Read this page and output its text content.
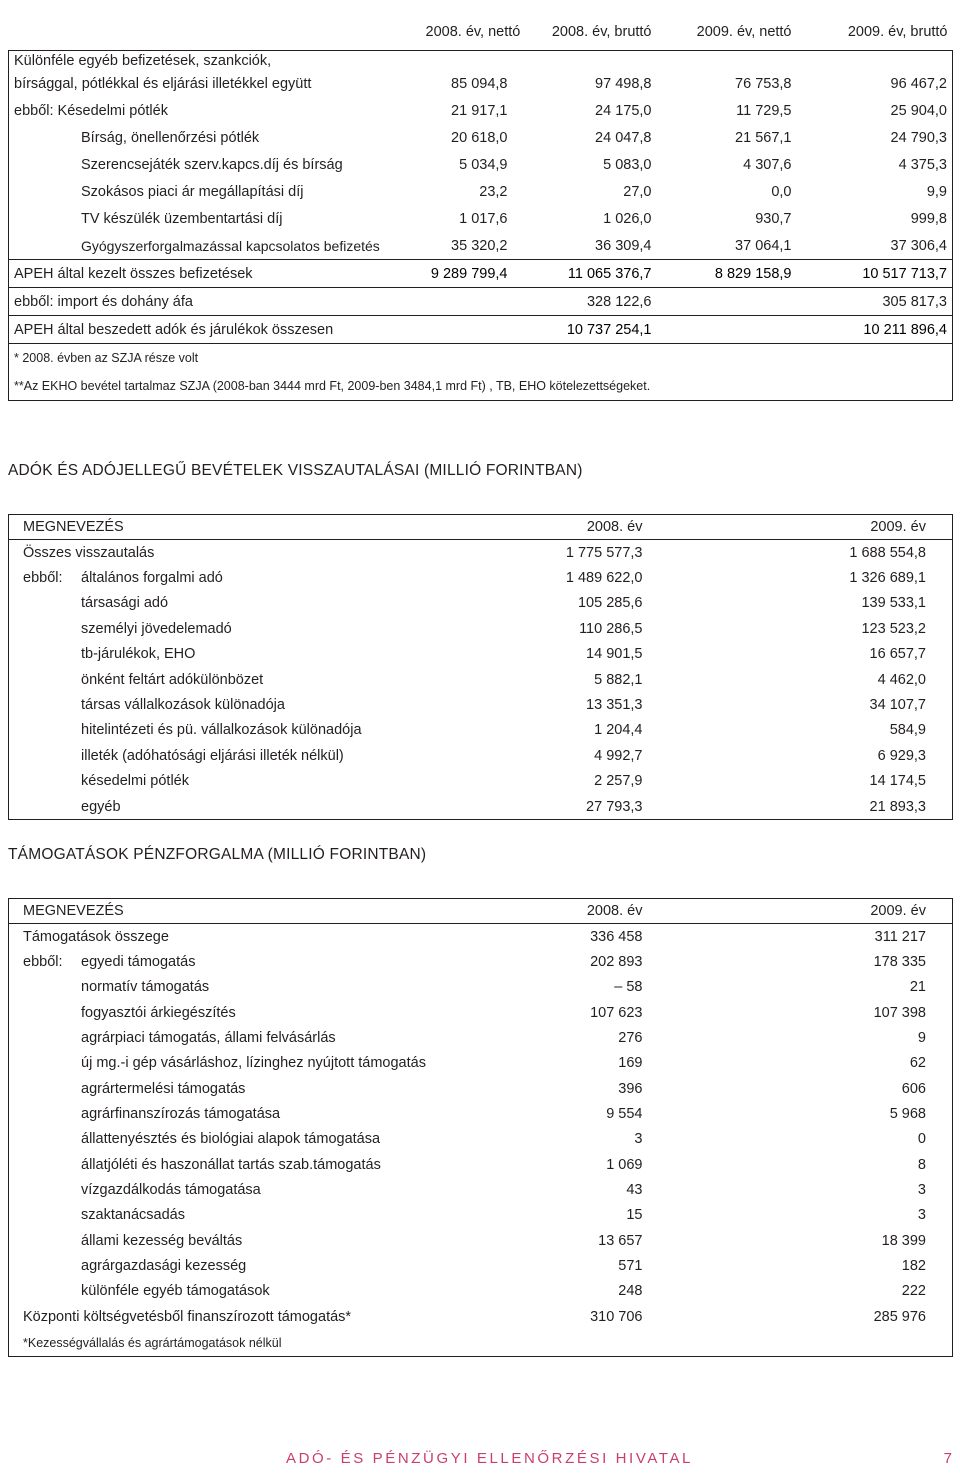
	2008. év, nettó	2008. év, bruttó	2009. év, nettó	2009. év, bruttó
Különféle egyéb befizetések, szankciók,				
bírsággal, pótlékkal és eljárási illetékkel együtt	85 094,8	97 498,8	76 753,8	96 467,2
ebből: Késedelmi pótlék	21 917,1	24 175,0	11 729,5	25 904,0
Bírság, önellenőrzési pótlék	20 618,0	24 047,8	21 567,1	24 790,3
Szerencsejáték szerv.kapcs.díj és bírság	5 034,9	5 083,0	4 307,6	4 375,3
Szokásos piaci ár megállapítási díj	23,2	27,0	0,0	9,9
TV készülék üzembentartási díj	1 017,6	1 026,0	930,7	999,8
Gyógyszerforgalmazással kapcsolatos befizetés	35 320,2	36 309,4	37 064,1	37 306,4
APEH által kezelt összes befizetések	9 289 799,4	11 065 376,7	8 829 158,9	10 517 713,7
ebből: import és dohány áfa		328 122,6		305 817,3
APEH által beszedett adók és járulékok összesen		10 737 254,1		10 211 896,4
* 2008. évben az SZJA része volt				
**Az EKHO bevétel tartalmaz SZJA (2008-ban 3444 mrd Ft, 2009-ben 3484,1 mrd Ft) , TB, EHO kötelezettségeket.				
ADÓK ÉS ADÓJELLEGŰ BEVÉTELEK VISSZAUTALÁSAI (MILLIÓ FORINTBAN)
MEGNEVEZÉS	2008. év	2009. év
Összes visszautalás	1 775 577,3	1 688 554,8
ebből: általános forgalmi adó	1 489 622,0	1 326 689,1
társasági adó	105 285,6	139 533,1
személyi jövedelemadó	110 286,5	123 523,2
tb-járulékok, EHO	14 901,5	16 657,7
önként feltárt adókülönbözet	5 882,1	4 462,0
társas vállalkozások különadója	13 351,3	34 107,7
hitelintézeti és pü. vállalkozások különadója	1 204,4	584,9
illeték (adóhatósági eljárási illeték nélkül)	4 992,7	6 929,3
késedelmi pótlék	2 257,9	14 174,5
egyéb	27 793,3	21 893,3
TÁMOGATÁSOK PÉNZFORGALMA (MILLIÓ FORINTBAN)
MEGNEVEZÉS	2008. év	2009. év
Támogatások összege	336 458	311 217
ebből: egyedi támogatás	202 893	178 335
normatív támogatás	– 58	21
fogyasztói árkiegészítés	107 623	107 398
agrárpiaci támogatás, állami felvásárlás	276	9
új mg.-i gép vásárláshoz, lízinghez nyújtott támogatás	169	62
agrártermelési támogatás	396	606
agrárfinanszírozás támogatása	9 554	5 968
állattenyésztés és biológiai alapok támogatása	3	0
állatjóléti és haszonállat tartás szab.támogatás	1 069	8
vízgazdálkodás támogatása	43	3
szaktanácsadás	15	3
állami kezesség beváltás	13 657	18 399
agrárgazdasági kezesség	571	182
különféle egyéb támogatások	248	222
Központi költségvetésből finanszírozott támogatás*	310 706	285 976
*Kezességvállalás és agrártámogatások nélkül		
ADÓ- ÉS PÉNZÜGYI ELLENŐRZÉSI HIVATAL	7
